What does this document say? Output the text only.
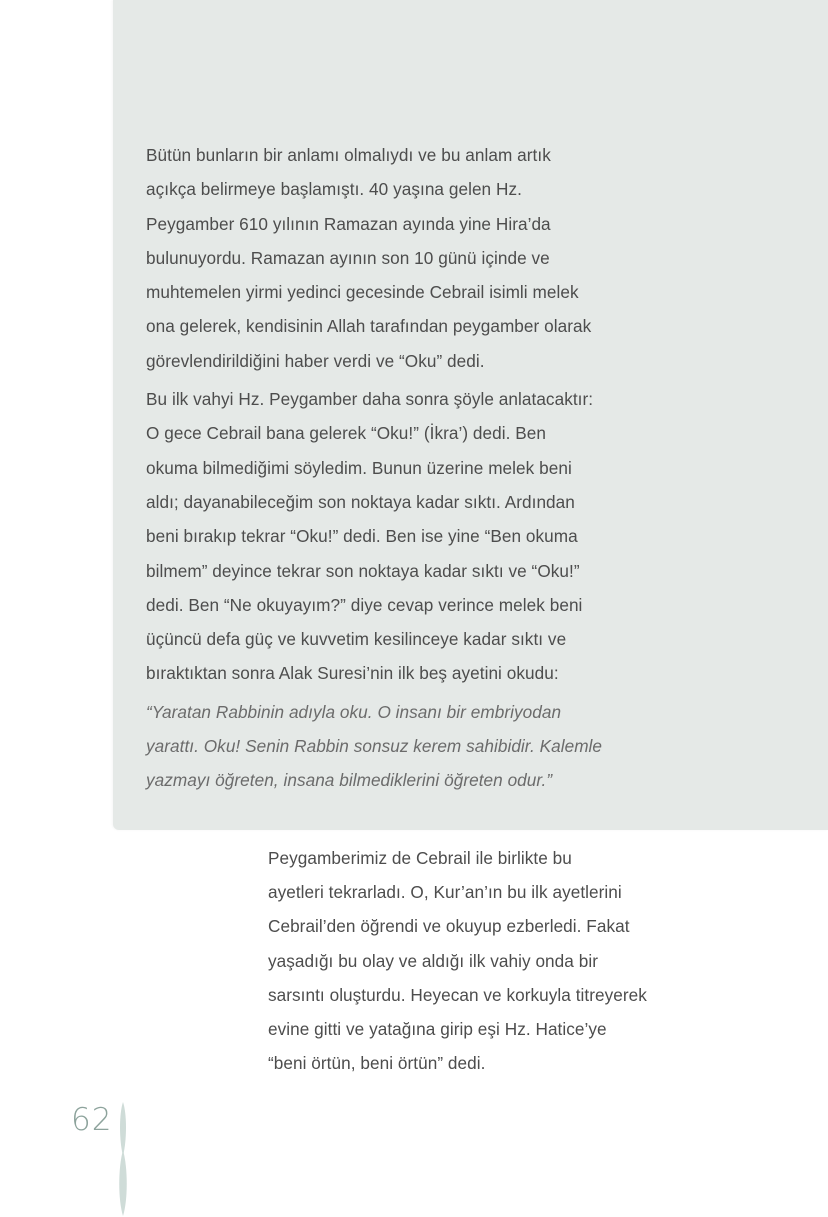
Bütün bunların bir anlamı olmalıydı ve bu anlam artık
açıkça belirmeye başlamıştı. 40 yaşına gelen Hz.
Peygamber 610 yılının Ramazan ayında yine Hira’da
bulunuyordu. Ramazan ayının son 10 günü içinde ve
muhtemelen yirmi yedinci gecesinde Cebrail isimli melek
ona gelerek, kendisinin Allah tarafından peygamber olarak
görevlendirildiğini haber verdi ve “Oku” dedi.

Bu ilk vahyi Hz. Peygamber daha sonra şöyle anlatacaktır:
O gece Cebrail bana gelerek “Oku!” (İkra’) dedi. Ben
okuma bilmediğimi söyledim. Bunun üzerine melek beni
aldı; dayanabileceğim son noktaya kadar sıktı. Ardından
beni bırakıp tekrar “Oku!” dedi. Ben ise yine “Ben okuma
bilmem” deyince tekrar son noktaya kadar sıktı ve “Oku!”
dedi. Ben “Ne okuyayım?” diye cevap verince melek beni
üçüncü defa güç ve kuvvetim kesilinceye kadar sıktı ve
bıraktıktan sonra Alak Suresi’nin ilk beş ayetini okudu:

“Yaratan Rabbinin adıyla oku. O insanı bir embriyodan
yarattı. Oku! Senin Rabbin sonsuz kerem sahibidir. Kalemle
yazmayı öğreten, insana bilmediklerini öğreten odur.”

Peygamberimiz de Cebrail ile birlikte bu
ayetleri tekrarladı. O, Kur’an’ın bu ilk ayetlerini
Cebrail’den öğrendi ve okuyup ezberledi. Fakat
yaşadığı bu olay ve aldığı ilk vahiy onda bir
sarsıntı oluşturdu. Heyecan ve korkuyla titreyerek
evine gitti ve yatağına girip eşi Hz. Hatice’ye
“beni örtün, beni örtün” dedi.

62
